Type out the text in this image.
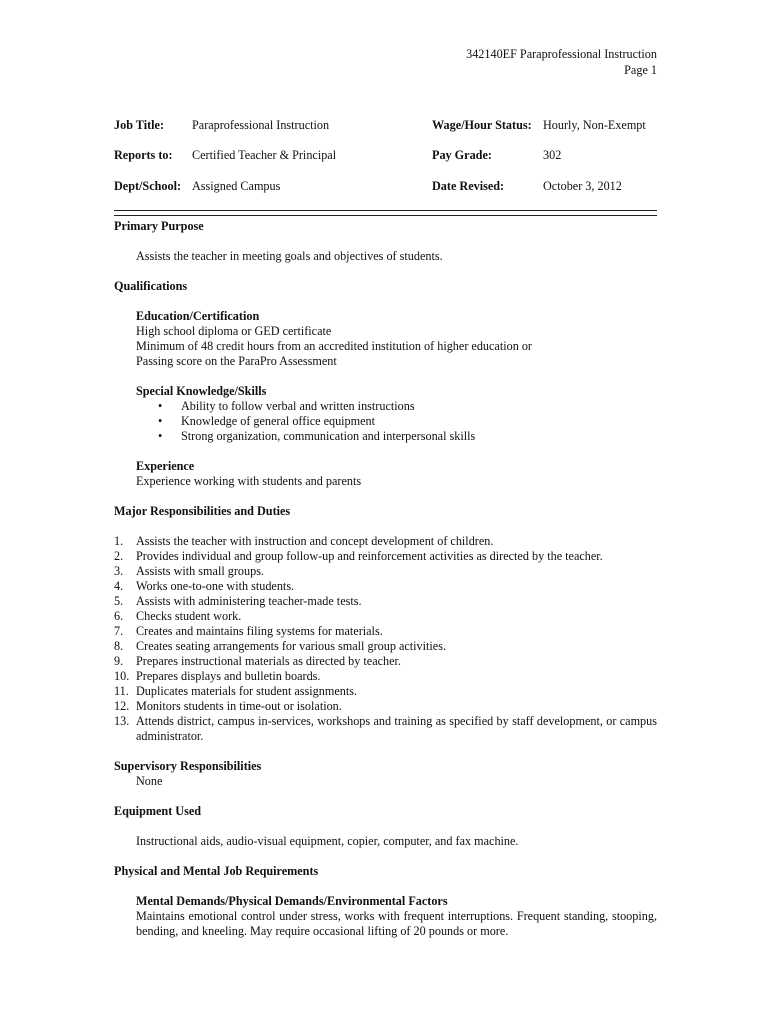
342140EF Paraprofessional Instruction
Page 1
Job Title: Paraprofessional Instruction	Wage/Hour Status: Hourly, Non-Exempt
Reports to: Certified Teacher & Principal	Pay Grade:	302
Dept/School: Assigned Campus	Date Revised:	October 3, 2012
Primary Purpose
Assists the teacher in meeting goals and objectives of students.
Qualifications
Education/Certification
High school diploma or GED certificate
Minimum of 48 credit hours from an accredited institution of higher education or
Passing score on the ParaPro Assessment
Special Knowledge/Skills
• Ability to follow verbal and written instructions
• Knowledge of general office equipment
• Strong organization, communication and interpersonal skills
Experience
Experience working with students and parents
Major Responsibilities and Duties
1. Assists the teacher with instruction and concept development of children.
2. Provides individual and group follow-up and reinforcement activities as directed by the teacher.
3. Assists with small groups.
4. Works one-to-one with students.
5. Assists with administering teacher-made tests.
6. Checks student work.
7. Creates and maintains filing systems for materials.
8. Creates seating arrangements for various small group activities.
9. Prepares instructional materials as directed by teacher.
10. Prepares displays and bulletin boards.
11. Duplicates materials for student assignments.
12. Monitors students in time-out or isolation.
13. Attends district, campus in-services, workshops and training as specified by staff development, or campus administrator.
Supervisory Responsibilities
None
Equipment Used
Instructional aids, audio-visual equipment, copier, computer, and fax machine.
Physical and Mental Job Requirements
Mental Demands/Physical Demands/Environmental Factors
Maintains emotional control under stress, works with frequent interruptions. Frequent standing, stooping, bending, and kneeling. May require occasional lifting of 20 pounds or more.
